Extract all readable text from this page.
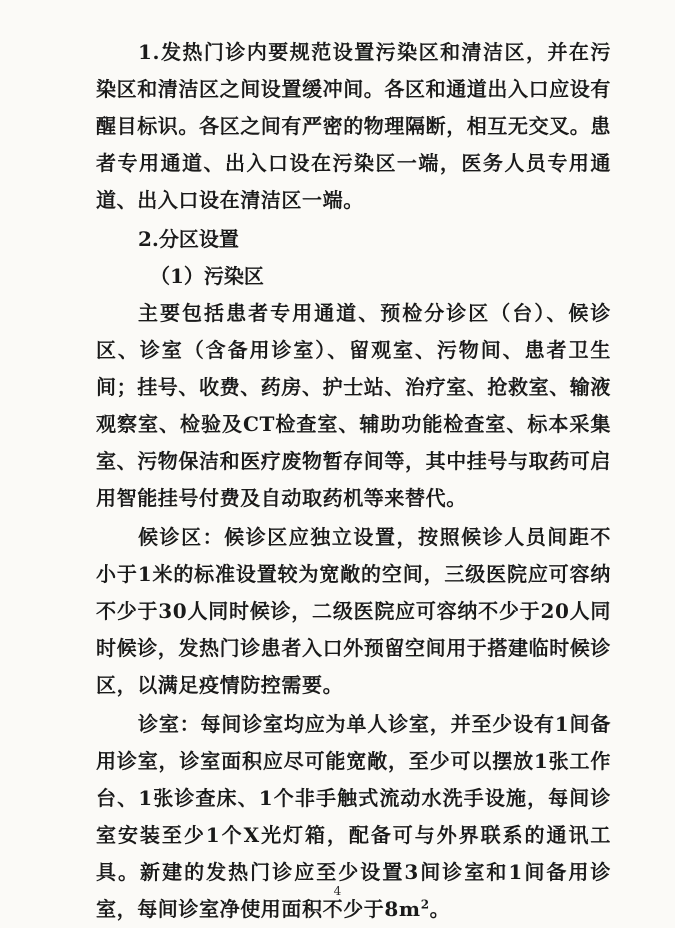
1.发热门诊内要规范设置污染区和清洁区，并在污染区和清洁区之间设置缓冲间。各区和通道出入口应设有醒目标识。各区之间有严密的物理隔断，相互无交叉。患者专用通道、出入口设在污染区一端，医务人员专用通道、出入口设在清洁区一端。

2.分区设置

（1）污染区

主要包括患者专用通道、预检分诊区（台）、候诊区、诊室（含备用诊室）、留观室、污物间、患者卫生间；挂号、收费、药房、护士站、治疗室、抢救室、输液观察室、检验及CT检查室、辅助功能检查室、标本采集室、污物保洁和医疗废物暂存间等，其中挂号与取药可启用智能挂号付费及自动取药机等来替代。

候诊区：候诊区应独立设置，按照候诊人员间距不小于1米的标准设置较为宽敞的空间，三级医院应可容纳不少于30人同时候诊，二级医院应可容纳不少于20人同时候诊，发热门诊患者入口外预留空间用于搭建临时候诊区，以满足疫情防控需要。

诊室：每间诊室均应为单人诊室，并至少设有1间备用诊室，诊室面积应尽可能宽敞，至少可以摆放1张工作台、1张诊查床、1个非手触式流动水洗手设施，每间诊室安装至少1个X光灯箱，配备可与外界联系的通讯工具。新建的发热门诊应至少设置3间诊室和1间备用诊室，每间诊室净使用面积不少于$8m^2$。

4
